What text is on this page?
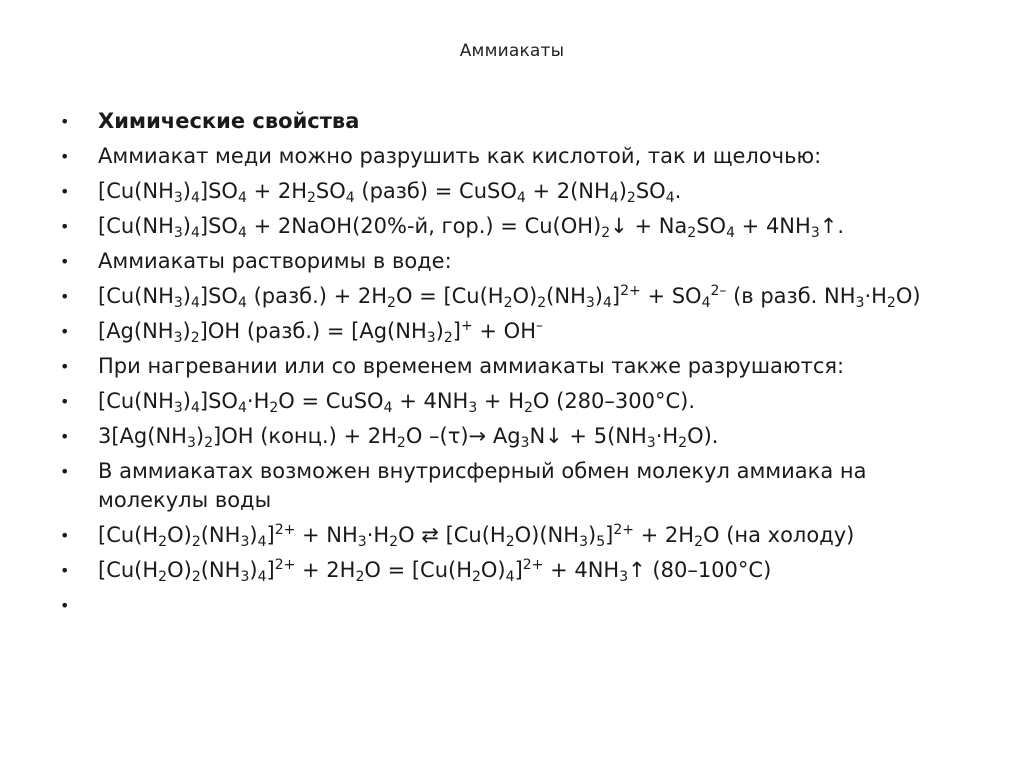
Аммиакаты
• Химические свойства
• Аммиакат меди можно разрушить как кислотой, так и щелочью:
• $[Cu(NH_3)_4]SO_4 + 2H_2SO_4$ (разб) = CuSO$_4$ + $2(NH_4)_2SO_4$.
• $[Cu(NH_3)_4]SO_4$ + 2NaOH(20%-й, $гор.) = Cu(OH)_2↓ + Na_2SO_4$ + $4NH_3↑$.
• Аммиакаты растворимы в воде:
• $[Cu(NH_3)_4]SO_4$ (разб.) + $2H_2O = [Cu(H_2O)_2(NH_3)_4]^{2+} + SO_4^{2-}$ (в разб. $NH_3\cdot H_2O$)
• $[Ag(NH_3)_2]OH$ (разб.) = $[Ag(NH_3)_2]^+ + OH^-$
• При нагревании или со временем аммиакаты также разрушаются:
• $[Cu(NH_3)_4]SO_4\cdot H_2O$ = CuSO$_4$ + $4NH_3 + H_2O$ (280–300°C).
• $3[Ag(NH_3)_2]OH$ (конц.) + $2H_2O$ $-(\tau)\to Ag_3N↓ + 5(NH_3\cdot H_2O)$.
• В аммиакатах возможен внутрисферный обмен молекул аммиака на молекулы воды
• $[Cu(H_2O)_2(NH_3)_4]^{2+} + NH_3\cdot H_2O$ ⇄ $[Cu(H_2O)(NH_3)_5]^{2+} + 2H_2O$ (на холоду)
• $[Cu(H_2O)_2(NH_3)_4]^{2+} + 2H_2O = [Cu(H_2O)_4]^{2+}$ + $4NH_3↑$ (80–100°C)
•
